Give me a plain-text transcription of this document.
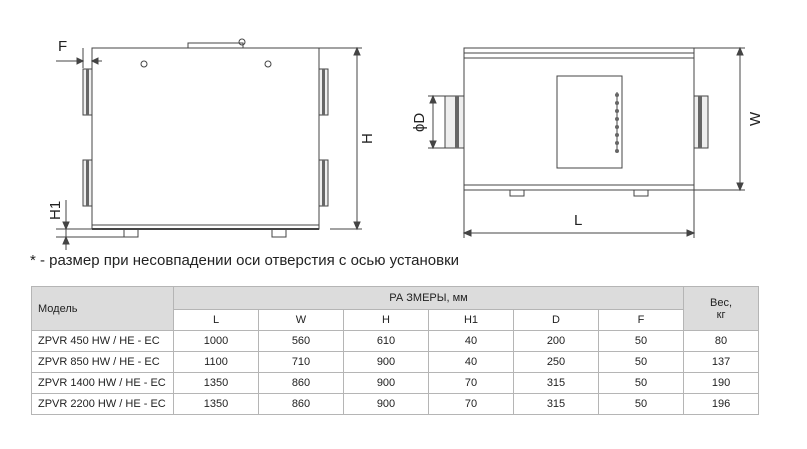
F
H
H1
ϕD	W
L
* - размер при несовпадении оси отверстия с осью установки
Модель	РА ЗМЕРЫ, мм						Вес,
кг
	L	W	H	H1	D	F	
ZPVR 450 HW / HE - EC	1000	560	610	40	200	50	80
ZPVR 850 HW / HE - EC	1100	710	900	40	250	50	137
ZPVR 1400 HW / HE - EC	1350	860	900	70	315	50	190
ZPVR 2200 HW / HE - EC	1350	860	900	70	315	50	196
